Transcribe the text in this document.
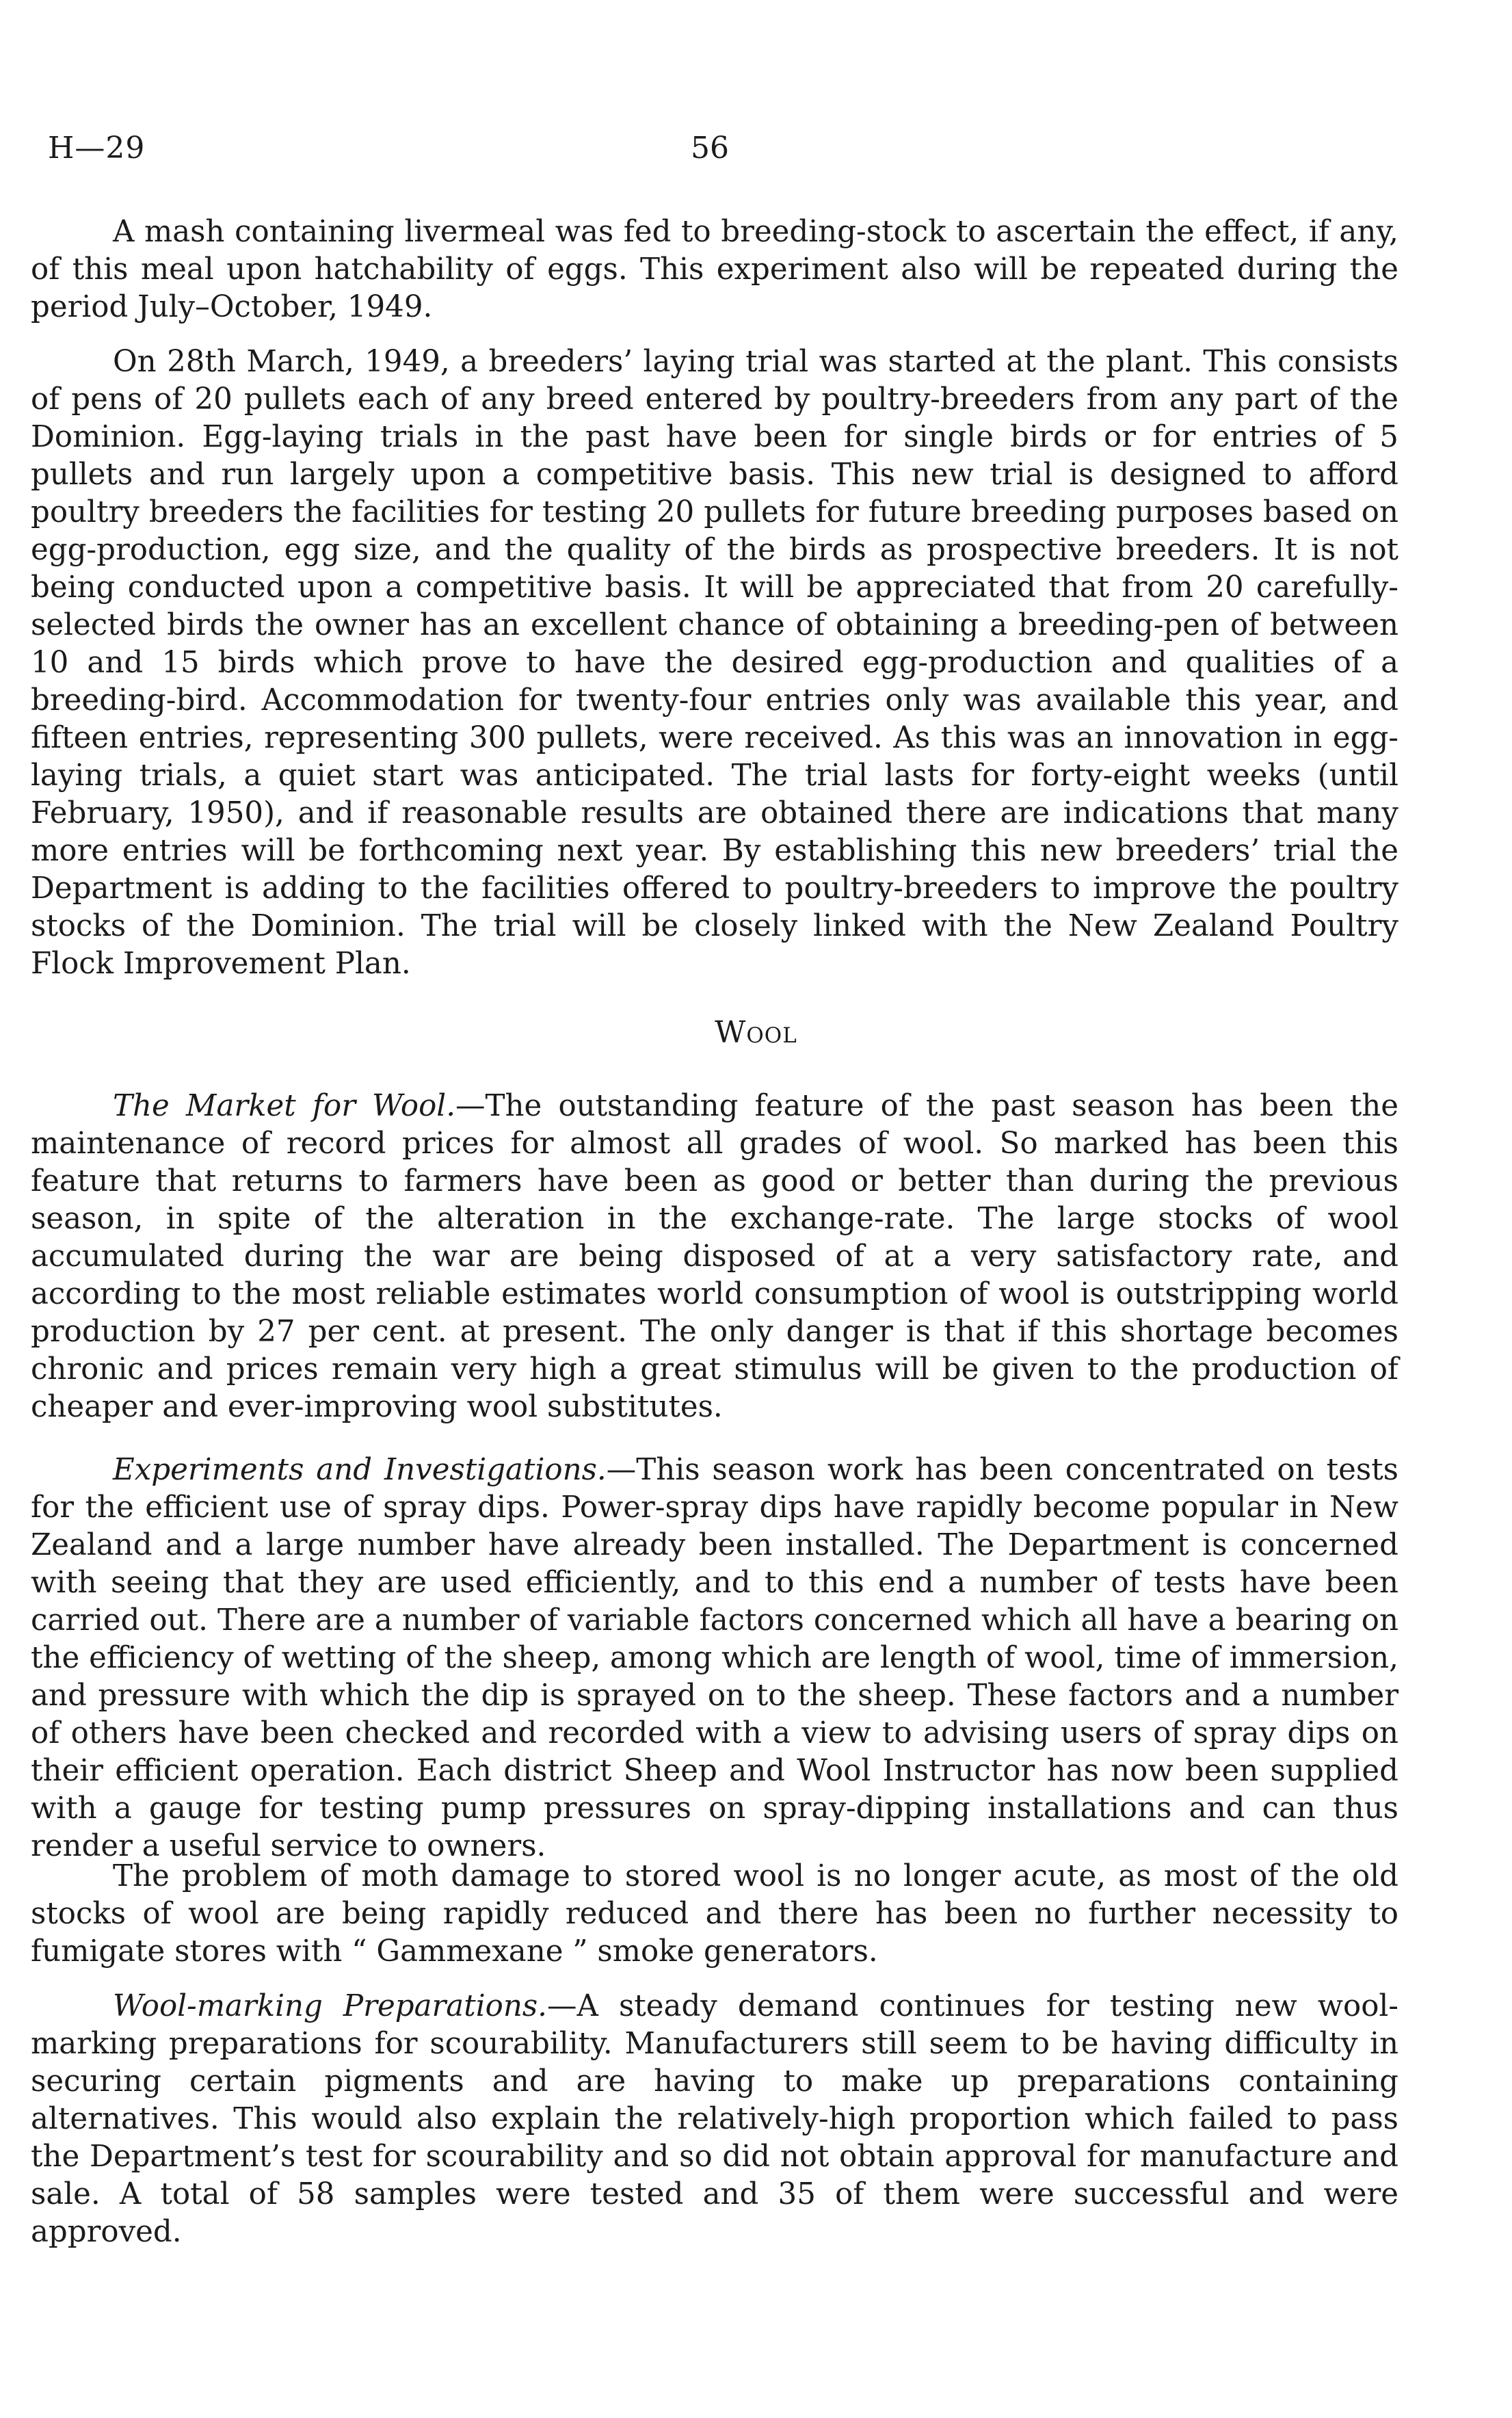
H—29	56

A mash containing livermeal was fed to breeding-stock to ascertain the effect, if any, of this meal upon hatchability of eggs. This experiment also will be repeated during the period July–October, 1949.

On 28th March, 1949, a breeders’ laying trial was started at the plant. This consists of pens of 20 pullets each of any breed entered by poultry-breeders from any part of the Dominion. Egg-laying trials in the past have been for single birds or for entries of 5 pullets and run largely upon a competitive basis. This new trial is designed to afford poultry breeders the facilities for testing 20 pullets for future breeding purposes based on egg-production, egg size, and the quality of the birds as prospective breeders. It is not being conducted upon a competitive basis. It will be appreciated that from 20 carefully-selected birds the owner has an excellent chance of obtaining a breeding-pen of between 10 and 15 birds which prove to have the desired egg-production and qualities of a breeding-bird. Accommodation for twenty-four entries only was available this year, and fifteen entries, representing 300 pullets, were received. As this was an innovation in egg-laying trials, a quiet start was anticipated. The trial lasts for forty-eight weeks (until February, 1950), and if reasonable results are obtained there are indications that many more entries will be forthcoming next year. By establishing this new breeders’ trial the Department is adding to the facilities offered to poultry-breeders to improve the poultry stocks of the Dominion. The trial will be closely linked with the New Zealand Poultry Flock Improvement Plan.

Wool

The Market for Wool.—The outstanding feature of the past season has been the maintenance of record prices for almost all grades of wool. So marked has been this feature that returns to farmers have been as good or better than during the previous season, in spite of the alteration in the exchange-rate. The large stocks of wool accumulated during the war are being disposed of at a very satisfactory rate, and according to the most reliable estimates world consumption of wool is outstripping world production by 27 per cent. at present. The only danger is that if this shortage becomes chronic and prices remain very high a great stimulus will be given to the production of cheaper and ever-improving wool substitutes.

Experiments and Investigations.—This season work has been concentrated on tests for the efficient use of spray dips. Power-spray dips have rapidly become popular in New Zealand and a large number have already been installed. The Department is concerned with seeing that they are used efficiently, and to this end a number of tests have been carried out. There are a number of variable factors concerned which all have a bearing on the efficiency of wetting of the sheep, among which are length of wool, time of immersion, and pressure with which the dip is sprayed on to the sheep. These factors and a number of others have been checked and recorded with a view to advising users of spray dips on their efficient operation. Each district Sheep and Wool Instructor has now been supplied with a gauge for testing pump pressures on spray-dipping installations and can thus render a useful service to owners.

The problem of moth damage to stored wool is no longer acute, as most of the old stocks of wool are being rapidly reduced and there has been no further necessity to fumigate stores with “ Gammexane ” smoke generators.

Wool-marking Preparations.—A steady demand continues for testing new wool-marking preparations for scourability. Manufacturers still seem to be having difficulty in securing certain pigments and are having to make up preparations containing alternatives. This would also explain the relatively-high proportion which failed to pass the Department’s test for scourability and so did not obtain approval for manufacture and sale. A total of 58 samples were tested and 35 of them were successful and were approved.
